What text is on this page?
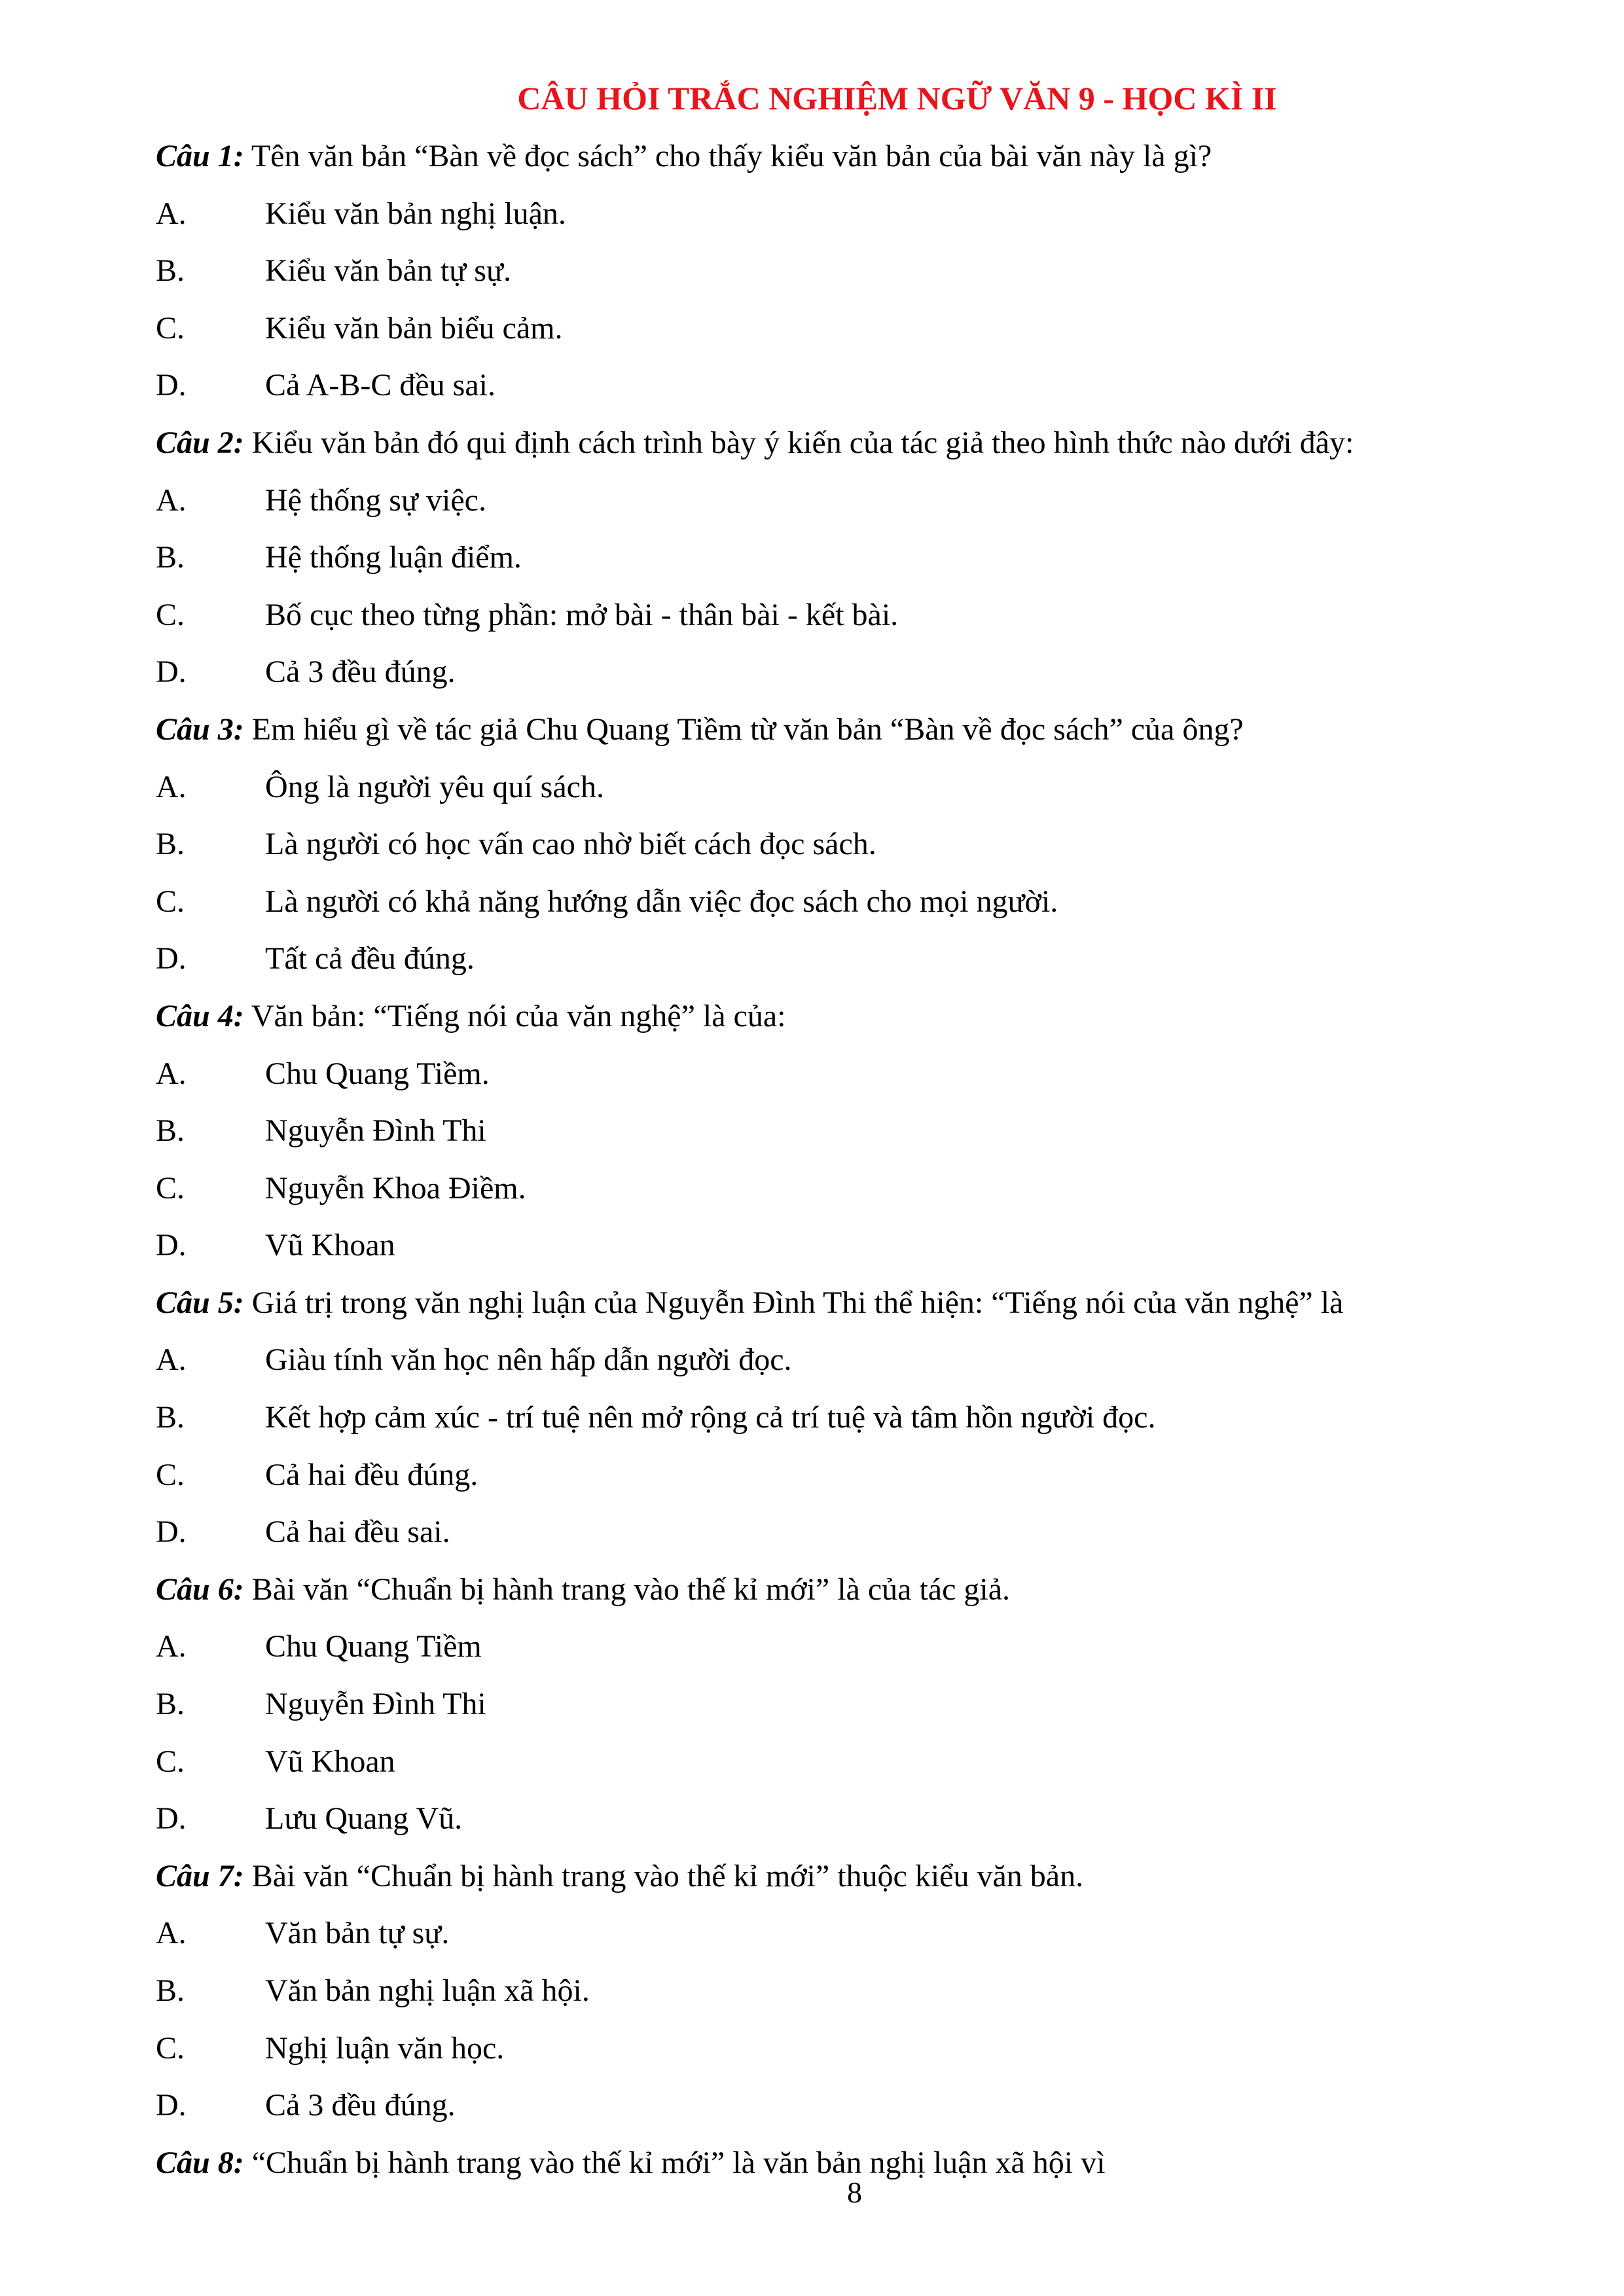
CÂU HỎI TRẮC NGHIỆM NGỮ VĂN 9 - HỌC KÌ II
Câu 1: Tên văn bản “Bàn về đọc sách” cho thấy kiểu văn bản của bài văn này là gì?
A.	Kiểu văn bản nghị luận.
B.	Kiểu văn bản tự sự.
C.	Kiểu văn bản biểu cảm.
D.	Cả A-B-C đều sai.
Câu 2: Kiểu văn bản đó qui định cách trình bày ý kiến của tác giả theo hình thức nào dưới đây:
A.	Hệ thống sự việc.
B.	Hệ thống luận điểm.
C.	Bố cục theo từng phần: mở bài - thân bài - kết bài.
D.	Cả 3 đều đúng.
Câu 3: Em hiểu gì về tác giả Chu Quang Tiềm từ văn bản “Bàn về đọc sách” của ông?
A.	Ông là người yêu quí sách.
B.	Là người có học vấn cao nhờ biết cách đọc sách.
C.	Là người có khả năng hướng dẫn việc đọc sách cho mọi người.
D.	Tất cả đều đúng.
Câu 4: Văn bản: “Tiếng nói của văn nghệ” là của:
A.	Chu Quang Tiềm.
B.	Nguyễn Đình Thi
C.	Nguyễn Khoa Điềm.
D.	Vũ Khoan
Câu 5: Giá trị trong văn nghị luận của Nguyễn Đình Thi thể hiện: “Tiếng nói của văn nghệ” là
A.	Giàu tính văn học nên hấp dẫn người đọc.
B.	Kết hợp cảm xúc - trí tuệ nên mở rộng cả trí tuệ và tâm hồn người đọc.
C.	Cả hai đều đúng.
D.	Cả hai đều sai.
Câu 6: Bài văn “Chuẩn bị hành trang vào thế kỉ mới” là của tác giả.
A.	Chu Quang Tiềm
B.	Nguyễn Đình Thi
C.	Vũ Khoan
D.	Lưu Quang Vũ.
Câu 7: Bài văn “Chuẩn bị hành trang vào thế kỉ mới” thuộc kiểu văn bản.
A.	Văn bản tự sự.
B.	Văn bản nghị luận xã hội.
C.	Nghị luận văn học.
D.	Cả 3 đều đúng.
Câu 8: “Chuẩn bị hành trang vào thế kỉ mới” là văn bản nghị luận xã hội vì
8
